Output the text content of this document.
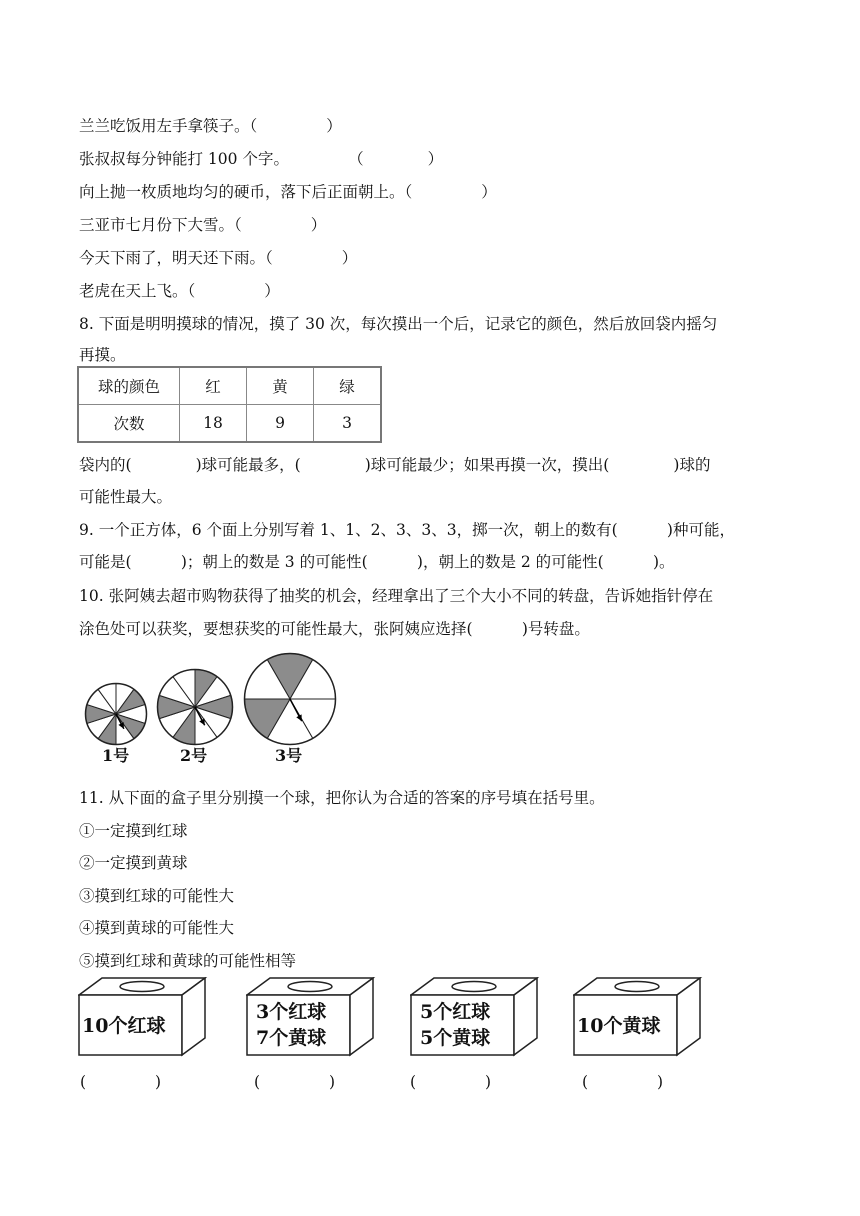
兰兰吃饭用左手拿筷子。（              ）
张叔叔每分钟能打 100 个字。            （             ）
向上抛一枚质地均匀的硬币，落下后正面朝上。（              ）
三亚市七月份下大雪。（              ）
今天下雨了，明天还下雨。（              ）
老虎在天上飞。（              ）
8. 下面是明明摸球的情况，摸了 30 次，每次摸出一个后，记录它的颜色，然后放回袋内摇匀
再摸。
球的颜色	红	黄	绿
次数	18	9	3
袋内的(             )球可能最多，(             )球可能最少；如果再摸一次，摸出(             )球的
可能性最大。
9. 一个正方体，6 个面上分别写着 1、1、2、3、3、3，掷一次，朝上的数有(          )种可能，
可能是(          )；朝上的数是 3 的可能性(          )，朝上的数是 2 的可能性(          )。
10. 张阿姨去超市购物获得了抽奖的机会，经理拿出了三个大小不同的转盘，告诉她指针停在
涂色处可以获奖，要想获奖的可能性最大，张阿姨应选择(          )号转盘。
1号	2号	3号
11. 从下面的盒子里分别摸一个球，把你认为合适的答案的序号填在括号里。
①一定摸到红球
②一定摸到黄球
③摸到红球的可能性大
④摸到黄球的可能性大
⑤摸到红球和黄球的可能性相等
10个红球
3个红球
7个黄球
5个红球
5个黄球
10个黄球
(              )	(              )	(              )	(              )
